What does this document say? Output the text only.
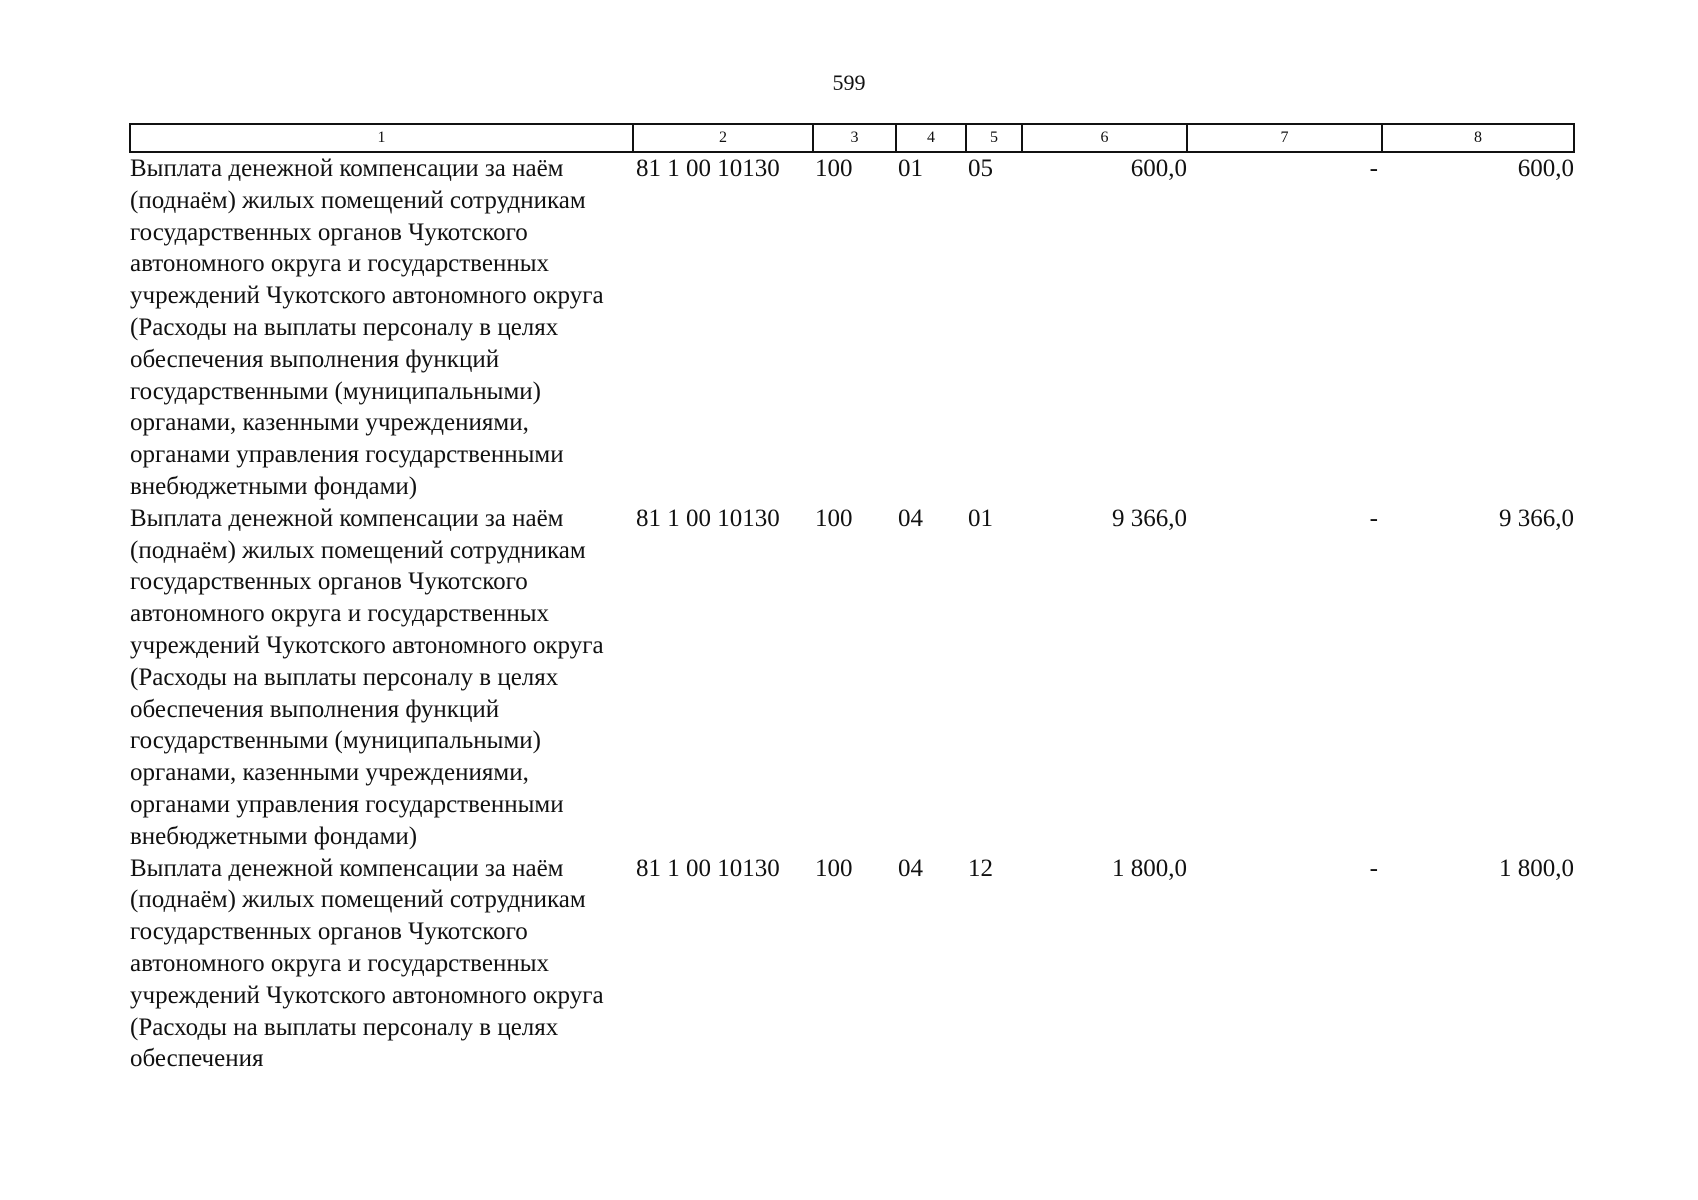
599
1	2	3	4	5	6	7	8
Выплата денежной компенсации за наём (поднаём) жилых помещений сотрудникам государственных органов Чукотского автономного округа и государственных учреждений Чукотского автономного округа (Расходы на выплаты персоналу в целях обеспечения выполнения функций государственными (муниципальными) органами, казенными учреждениями, органами управления государственными внебюджетными фондами)	81 1 00 10130	100	01	05	600,0	-	600,0
Выплата денежной компенсации за наём (поднаём) жилых помещений сотрудникам государственных органов Чукотского автономного округа и государственных учреждений Чукотского автономного округа (Расходы на выплаты персоналу в целях обеспечения выполнения функций государственными (муниципальными) органами, казенными учреждениями, органами управления государственными внебюджетными фондами)	81 1 00 10130	100	04	01	9 366,0	-	9 366,0
Выплата денежной компенсации за наём (поднаём) жилых помещений сотрудникам государственных органов Чукотского автономного округа и государственных учреждений Чукотского автономного округа (Расходы на выплаты персоналу в целях обеспечения	81 1 00 10130	100	04	12	1 800,0	-	1 800,0
